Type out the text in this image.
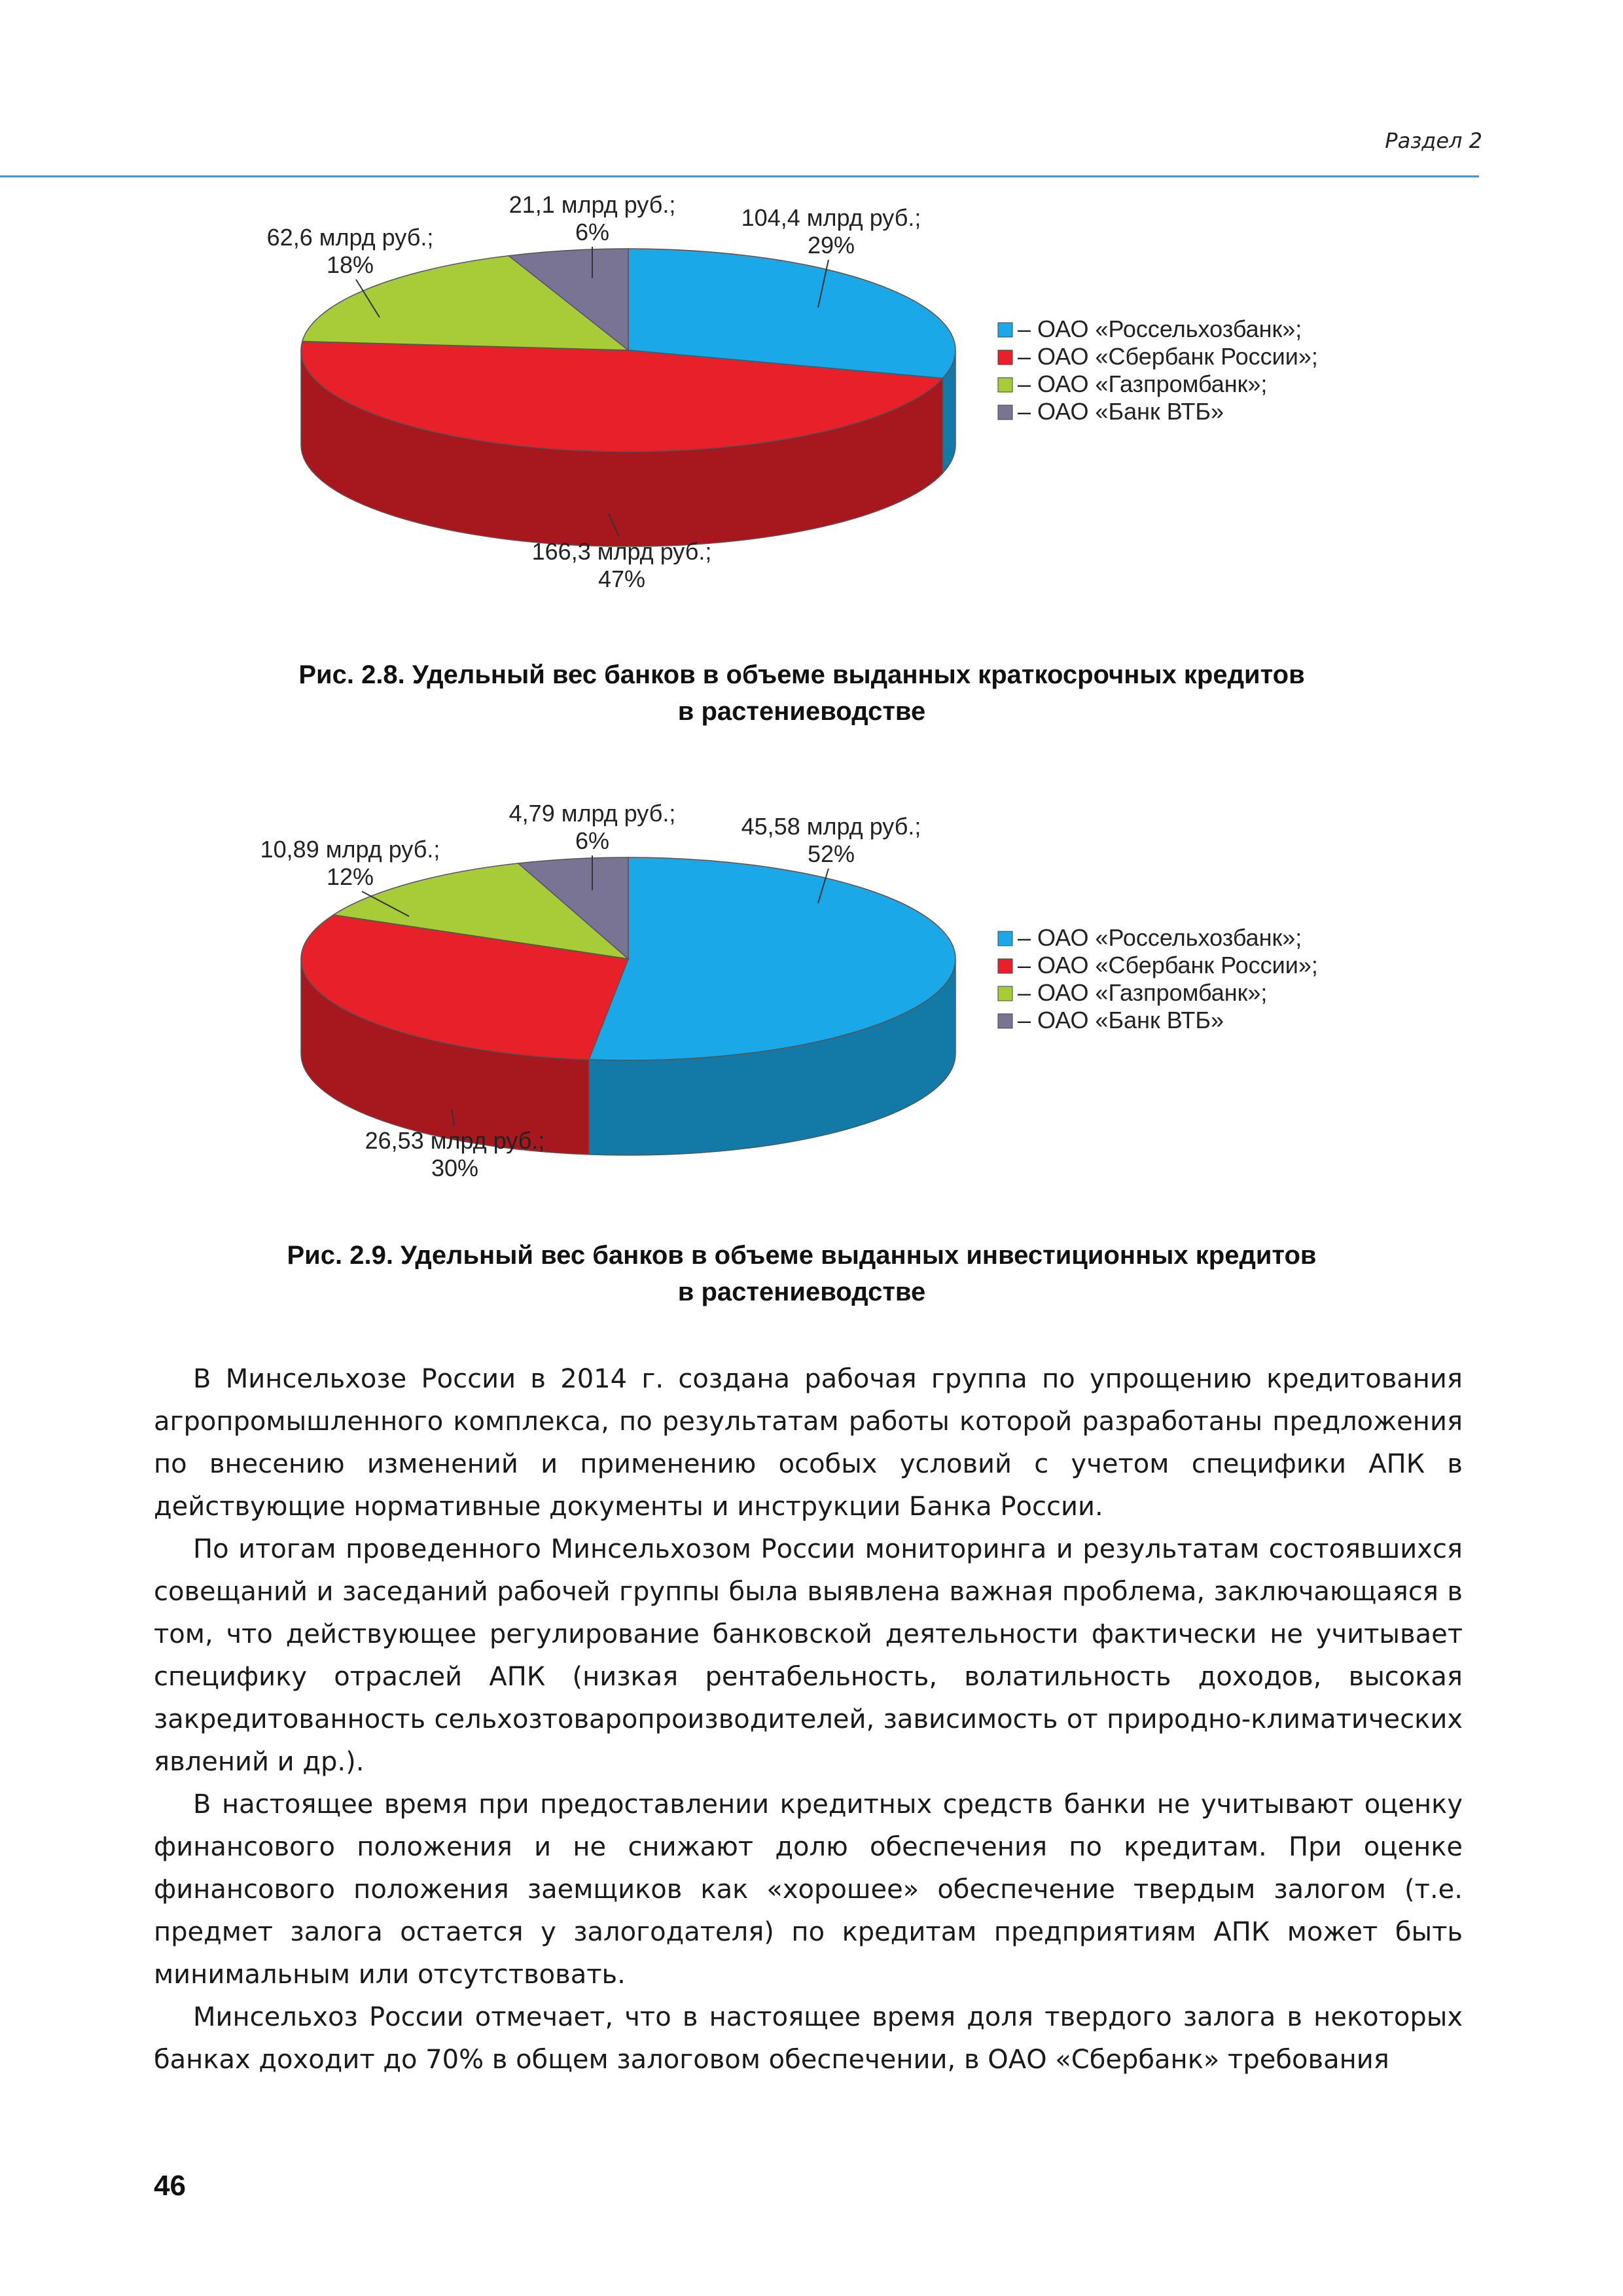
Раздел 2
104,4 млрд руб.;
29%
166,3 млрд руб.;
47%
62,6 млрд руб.;
18%
21,1 млрд руб.;
6%
– ОАО «Россельхозбанк»;
– ОАО «Сбербанк России»;
– ОАО «Газпромбанк»;
– ОАО «Банк ВТБ»
Рис. 2.8. Удельный вес банков в объеме выданных краткосрочных кредитов
в растениеводстве
45,58 млрд руб.;
52%
26,53 млрд руб.;
30%
10,89 млрд руб.;
12%
4,79 млрд руб.;
6%
– ОАО «Россельхозбанк»;
– ОАО «Сбербанк России»;
– ОАО «Газпромбанк»;
– ОАО «Банк ВТБ»
Рис. 2.9. Удельный вес банков в объеме выданных инвестиционных кредитов
в растениеводстве

В Минсельхозе России в 2014 г. создана рабочая группа по упрощению кредитования агропромышленного комплекса, по результатам работы которой разработаны предложения по внесению изменений и применению особых условий с учетом специфики АПК в действующие нормативные документы и инструкции Банка России.

По итогам проведенного Минсельхозом России мониторинга и результатам состоявшихся совещаний и заседаний рабочей группы была выявлена важная проблема, заключающаяся в том, что действующее регулирование банковской деятельности фактически не учитывает специфику отраслей АПК (низкая рентабельность, волатильность доходов, высокая закредитованность сельхозтоваропроизводителей, зависимость от природно-климатических явлений и др.).

В настоящее время при предоставлении кредитных средств банки не учитывают оценку финансового положения и не снижают долю обеспечения по кредитам. При оценке финансового положения заемщиков как «хорошее» обеспечение твердым залогом (т.е. предмет залога остается у залогодателя) по кредитам предприятиям АПК может быть минимальным или отсутствовать.

Минсельхоз России отмечает, что в настоящее время доля твердого залога в некоторых банках доходит до 70% в общем залоговом обеспечении, в ОАО «Сбербанк» требования

46
